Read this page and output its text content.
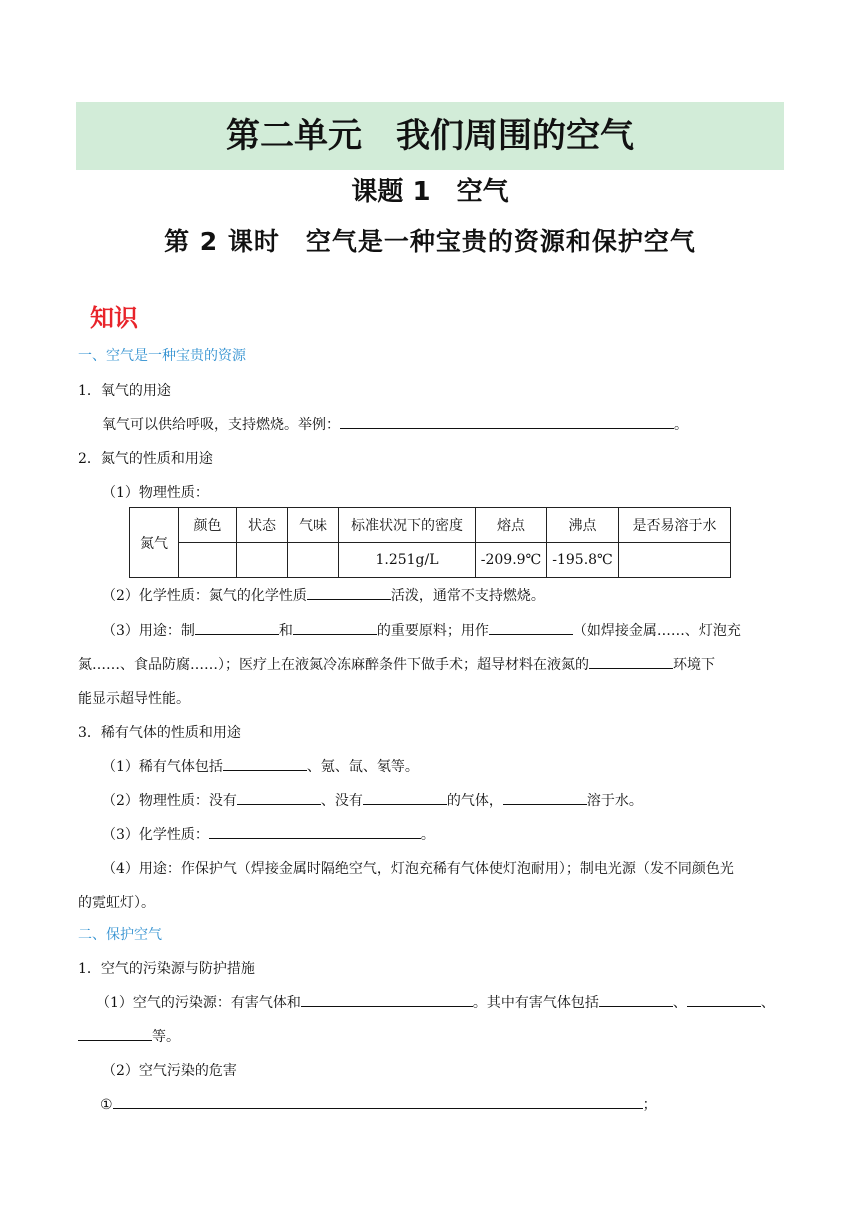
第二单元　我们周围的空气
课题 1　空气
第 2 课时　空气是一种宝贵的资源和保护空气
知识
一、空气是一种宝贵的资源
1．氧气的用途
氧气可以供给呼吸，支持燃烧。举例：	。
2．氮气的性质和用途
（1）物理性质：
氮气	颜色	状态	气味	标准状况下的密度	熔点	沸点	是否易溶于水
				1.251g/L	-209.9℃	-195.8℃	
（2）化学性质：氮气的化学性质	活泼，通常不支持燃烧。
（3）用途：制	和	的重要原料；用作	（如焊接金属……、灯泡充
氮……、食品防腐……）；医疗上在液氮冷冻麻醉条件下做手术；超导材料在液氮的	环境下
能显示超导性能。
3．稀有气体的性质和用途
（1）稀有气体包括	、氪、氙、氡等。
（2）物理性质：没有	、没有	的气体，	溶于水。
（3）化学性质：	。
（4）用途：作保护气（焊接金属时隔绝空气，灯泡充稀有气体使灯泡耐用）；制电光源（发不同颜色光
的霓虹灯）。
二、保护空气
1．空气的污染源与防护措施
（1）空气的污染源：有害气体和	。其中有害气体包括	、	、
等。
（2）空气污染的危害
①	；
